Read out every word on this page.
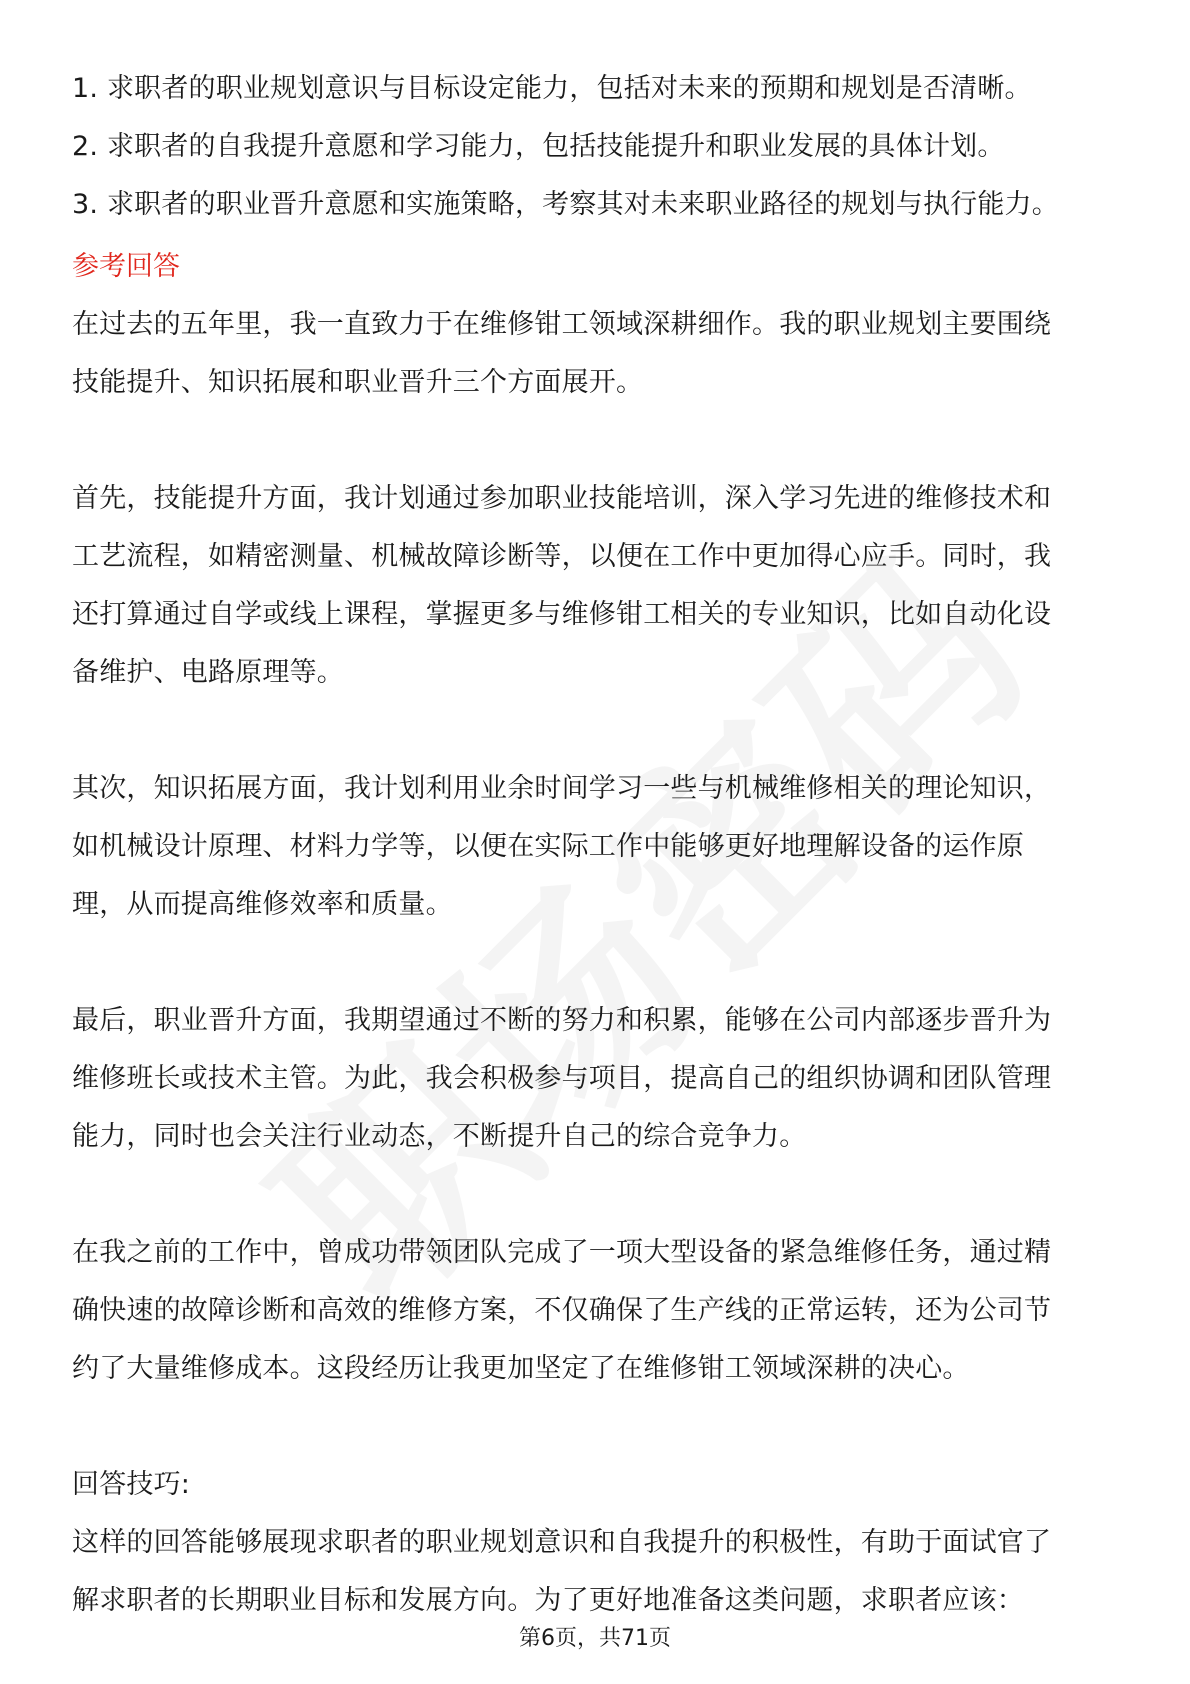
1. 求职者的职业规划意识与目标设定能力，包括对未来的预期和规划是否清晰。
2. 求职者的自我提升意愿和学习能力，包括技能提升和职业发展的具体计划。
3. 求职者的职业晋升意愿和实施策略，考察其对未来职业路径的规划与执行能力。
参考回答
在过去的五年里，我一直致力于在维修钳工领域深耕细作。我的职业规划主要围绕
技能提升、知识拓展和职业晋升三个方面展开。
首先，技能提升方面，我计划通过参加职业技能培训，深入学习先进的维修技术和
工艺流程，如精密测量、机械故障诊断等，以便在工作中更加得心应手。同时，我
还打算通过自学或线上课程，掌握更多与维修钳工相关的专业知识，比如自动化设
备维护、电路原理等。
其次，知识拓展方面，我计划利用业余时间学习一些与机械维修相关的理论知识，
如机械设计原理、材料力学等，以便在实际工作中能够更好地理解设备的运作原
理，从而提高维修效率和质量。
最后，职业晋升方面，我期望通过不断的努力和积累，能够在公司内部逐步晋升为
维修班长或技术主管。为此，我会积极参与项目，提高自己的组织协调和团队管理
能力，同时也会关注行业动态，不断提升自己的综合竞争力。
在我之前的工作中，曾成功带领团队完成了一项大型设备的紧急维修任务，通过精
确快速的故障诊断和高效的维修方案，不仅确保了生产线的正常运转，还为公司节
约了大量维修成本。这段经历让我更加坚定了在维修钳工领域深耕的决心。
回答技巧:
这样的回答能够展现求职者的职业规划意识和自我提升的积极性，有助于面试官了
解求职者的长期职业目标和发展方向。为了更好地准备这类问题，求职者应该：
第6页，共71页
